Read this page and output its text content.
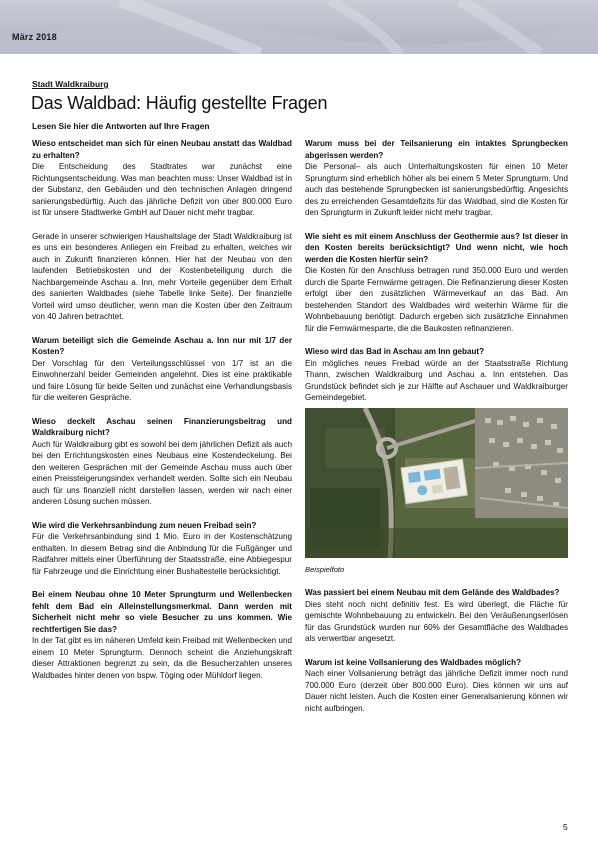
März 2018
Stadt Waldkraiburg
Das Waldbad: Häufig gestellte Fragen
Lesen Sie hier die Antworten auf Ihre Fragen

Wieso entscheidet man sich für einen Neubau anstatt das Waldbad zu erhalten?

Die Entscheidung des Stadtrates war zunächst eine Richtungsentscheidung. Was man beachten muss: Unser Waldbad ist in der Substanz, den Gebäuden und den technischen Anlagen dringend sanierungsbedürftig. Auch das jährliche Defizit von über 800.000 Euro ist für unsere Stadtwerke GmbH auf Dauer nicht mehr tragbar.

Gerade in unserer schwierigen Haushaltslage der Stadt Waldkraiburg ist es uns ein besonderes Anliegen ein Freibad zu erhalten, welches wir auch in Zukunft finanzieren können. Hier hat der Neubau von den laufenden Betriebskosten und der Kostenbeteiligung durch die Nachbargemeinde Aschau a. Inn, mehr Vorteile gegenüber dem Erhalt des sanierten Waldbades (siehe Tabelle linke Seite). Der finanzielle Vorteil wird umso deutlicher, wenn man die Kosten über den Zeitraum von 40 Jahren betrachtet.

Warum beteiligt sich die Gemeinde Aschau a. Inn nur mit 1/7 der Kosten?

Der Vorschlag für den Verteilungsschlüssel von 1/7 ist an die Einwohnerzahl beider Gemeinden angelehnt. Dies ist eine praktikable und faire Lösung für beide Seiten und zunächst eine Verhandlungsbasis für die weiteren Gespräche.

Wieso deckelt Aschau seinen Finanzierungsbeitrag und Waldkraiburg nicht?

Auch für Waldkraiburg gibt es sowohl bei dem jährlichen Defizit als auch bei den Errichtungskosten eines Neubaus eine Kostendeckelung. Bei den weiteren Gesprächen mit der Gemeinde Aschau muss auch über einen Preissteigerungsindex verhandelt werden. Sollte sich ein Neubau auch für uns finanziell nicht darstellen lassen, werden wir nach einer anderen Lösung suchen müssen.

Wie wird die Verkehrsanbindung zum neuen Freibad sein?

Für die Verkehrsanbindung sind 1 Mio. Euro in der Kostenschätzung enthalten. In diesem Betrag sind die Anbindung für die Fußgänger und Radfahrer mittels einer Überführung der Staatsstraße, eine Abbiegespur für Fahrzeuge und die Einrichtung einer Bushaltestelle berücksichtigt.

Bei einem Neubau ohne 10 Meter Sprungturm und Wellenbecken fehlt dem Bad ein Alleinstellungsmerkmal. Dann werden mit Sicherheit nicht mehr so viele Besucher zu uns kommen. Wie rechtfertigen Sie das?

In der Tat gibt es im näheren Umfeld kein Freibad mit Wellenbecken und einem 10 Meter Sprungturm. Dennoch scheint die Anziehungskraft dieser Attraktionen begrenzt zu sein, da die Besucherzahlen unseres Waldbades hinter denen von bspw. Töging oder Mühldorf liegen.

Warum muss bei der Teilsanierung ein intaktes Sprungbecken abgerissen werden?

Die Personal– als auch Unterhaltungskosten für einen 10 Meter Sprungturm sind erheblich höher als bei einem 5 Meter Sprungturm. Und auch das bestehende Sprungbecken ist sanierungsbedürftig. Angesichts des zu erreichenden Gesamtdefizits für das Waldbad, sind die Kosten für den Sprungturm in Zukunft leider nicht mehr tragbar.

Wie sieht es mit einem Anschluss der Geothermie aus? Ist dieser in den Kosten bereits berücksichtigt? Und wenn nicht, wie hoch werden die Kosten hierfür sein?

Die Kosten für den Anschluss betragen rund 350.000 Euro und werden durch die Sparte Fernwärme getragen. Die Refinanzierung dieser Kosten erfolgt über den zusätzlichen Wärmeverkauf an das Bad. Am bestehenden Standort des Waldbades wird weiterhin Wärme für die Wohnbebauung benötigt. Dadurch ergeben sich zusätzliche Einnahmen für die Fernwärmesparte, die die Baukosten refinanzieren.

Wieso wird das Bad in Aschau am Inn gebaut?

Ein mögliches neues Freibad würde an der Staatsstraße Richtung Thann, zwischen Waldkraiburg und Aschau a. Inn entstehen. Das Grundstück befindet sich je zur Hälfte auf Aschauer und Waldkraiburger Gemeindegebiet.

Beispielfoto

Was passiert bei einem Neubau mit dem Gelände des Waldbades?

Dies steht noch nicht definitiv fest. Es wird überlegt, die Fläche für gemischte Wohnbebauung zu entwickeln. Bei den Veräußerungserlösen für das Grundstück wurden nur 60% der Gesamtfläche des Waldbades als verwertbar angesetzt.

Warum ist keine Vollsanierung des Waldbades möglich?

Nach einer Vollsanierung beträgt das jährliche Defizit immer noch rund 700.000 Euro (derzeit über 800.000 Euro). Dies können wir uns auf Dauer nicht leisten. Auch die Kosten einer Generalsanierung können wir nicht aufbringen.

5
